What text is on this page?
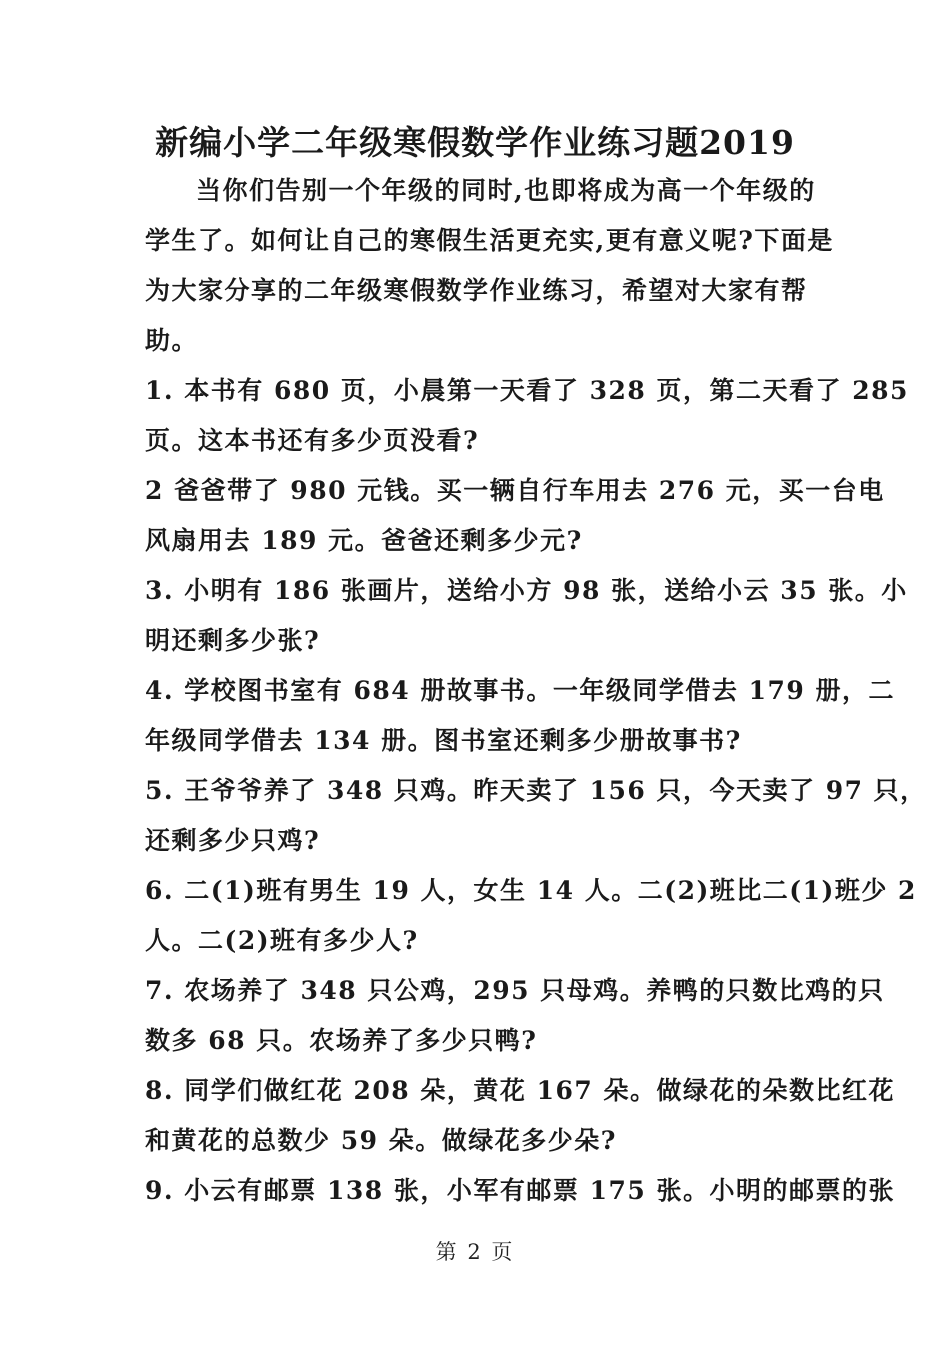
新编小学二年级寒假数学作业练习题2019
当你们告别一个年级的同时,也即将成为高一个年级的
学生了。如何让自己的寒假生活更充实,更有意义呢?下面是
为大家分享的二年级寒假数学作业练习，希望对大家有帮
助。
1. 本书有 680 页，小晨第一天看了 328 页，第二天看了 285
页。这本书还有多少页没看?
2 爸爸带了 980 元钱。买一辆自行车用去 276 元，买一台电
风扇用去 189 元。爸爸还剩多少元?
3. 小明有 186 张画片，送给小方 98 张，送给小云 35 张。小
明还剩多少张?
4. 学校图书室有 684 册故事书。一年级同学借去 179 册，二
年级同学借去 134 册。图书室还剩多少册故事书?
5. 王爷爷养了 348 只鸡。昨天卖了 156 只，今天卖了 97 只，
还剩多少只鸡?
6. 二(1)班有男生 19 人，女生 14 人。二(2)班比二(1)班少 2
人。二(2)班有多少人?
7. 农场养了 348 只公鸡，295 只母鸡。养鸭的只数比鸡的只
数多 68 只。农场养了多少只鸭?
8. 同学们做红花 208 朵，黄花 167 朵。做绿花的朵数比红花
和黄花的总数少 59 朵。做绿花多少朵?
9. 小云有邮票 138 张，小军有邮票 175 张。小明的邮票的张
第 2 页
